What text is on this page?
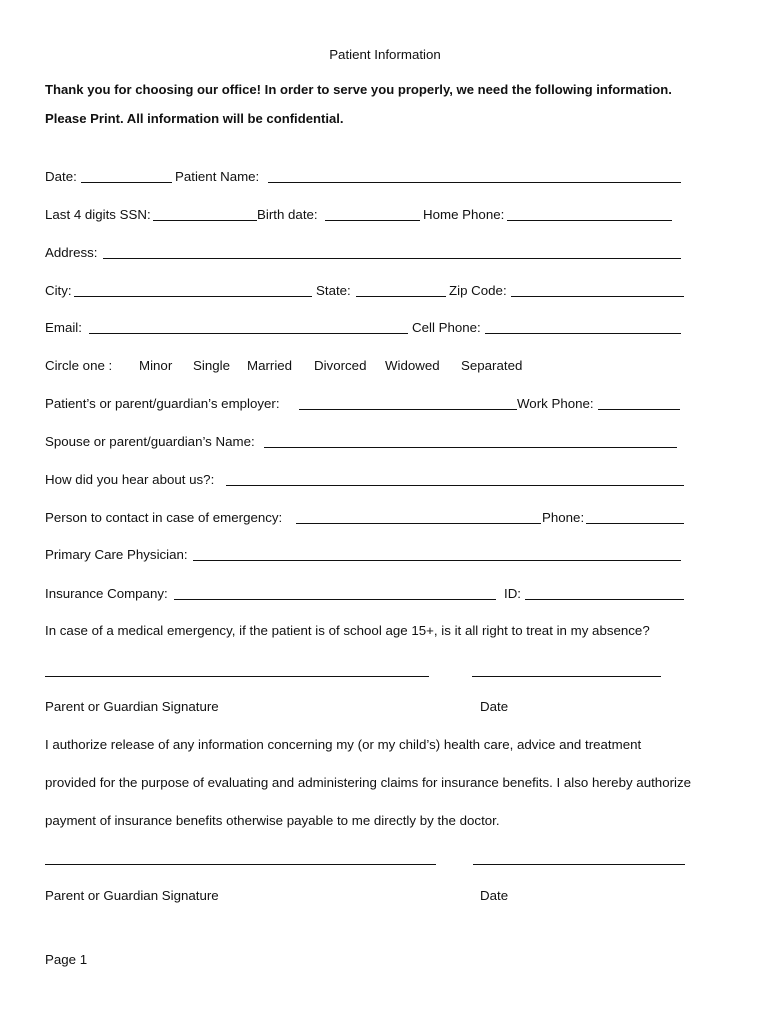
Patient Information
Thank you for choosing our office! In order to serve you properly, we need the following information.
Please Print. All information will be confidential.
Date:	Patient Name:
Last 4 digits SSN:	Birth date:	Home Phone:
Address:
City:	State:	Zip Code:
Email:	Cell Phone:
Circle one : Minor Single Married Divorced Widowed Separated
Patient’s or parent/guardian’s employer:	Work Phone:
Spouse or parent/guardian’s Name:
How did you hear about us?:
Person to contact in case of emergency:	Phone:
Primary Care Physician:
Insurance Company:	ID:
In case of a medical emergency, if the patient is of school age 15+, is it all right to treat in my absence?
Parent or Guardian Signature	Date
I authorize release of any information concerning my (or my child’s) health care, advice and treatment
provided for the purpose of evaluating and administering claims for insurance benefits. I also hereby authorize
payment of insurance benefits otherwise payable to me directly by the doctor.
Parent or Guardian Signature	Date
Page 1
